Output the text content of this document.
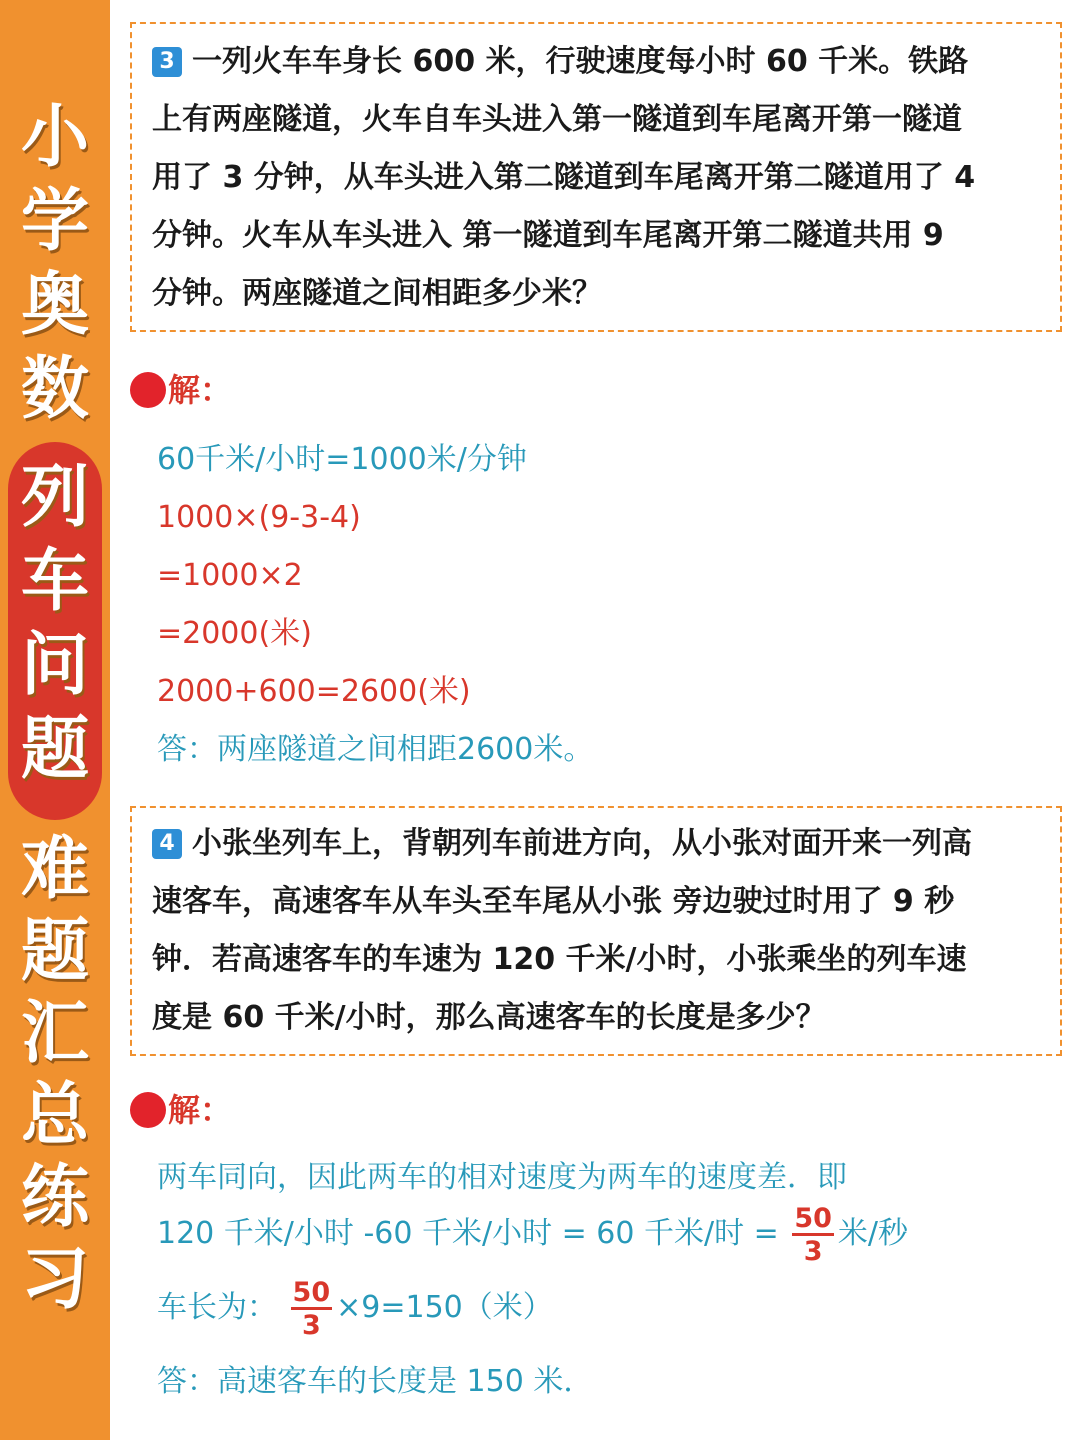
小
学
奥
数
列
车
问
题
难
题
汇
总
练
习
3 一列火车车身长 600 米，行驶速度每小时 60 千米。铁路
上有两座隧道，火车自车头进入第一隧道到车尾离开第一隧道
用了 3 分钟，从车头进入第二隧道到车尾离开第二隧道用了 4
分钟。火车从车头进入 第一隧道到车尾离开第二隧道共用 9
分钟。两座隧道之间相距多少米？
解：
60千米/小时=1000米/分钟
1000×(9-3-4)
=1000×2
=2000(米)
2000+600=2600(米)
答：两座隧道之间相距2600米。
4 小张坐列车上，背朝列车前进方向，从小张对面开来一列高
速客车，高速客车从车头至车尾从小张 旁边驶过时用了 9 秒
钟．若高速客车的车速为 120 千米/小时，小张乘坐的列车速
度是 60 千米/小时，那么高速客车的长度是多少？
解：
两车同向，因此两车的相对速度为两车的速度差．即
120 千米/小时 -60 千米/小时 = 60 千米/时 = $\frac{50}{3}$ 米/秒
车长为： $\frac{50}{3} \times 9=150$（米）
答：高速客车的长度是 150 米．
